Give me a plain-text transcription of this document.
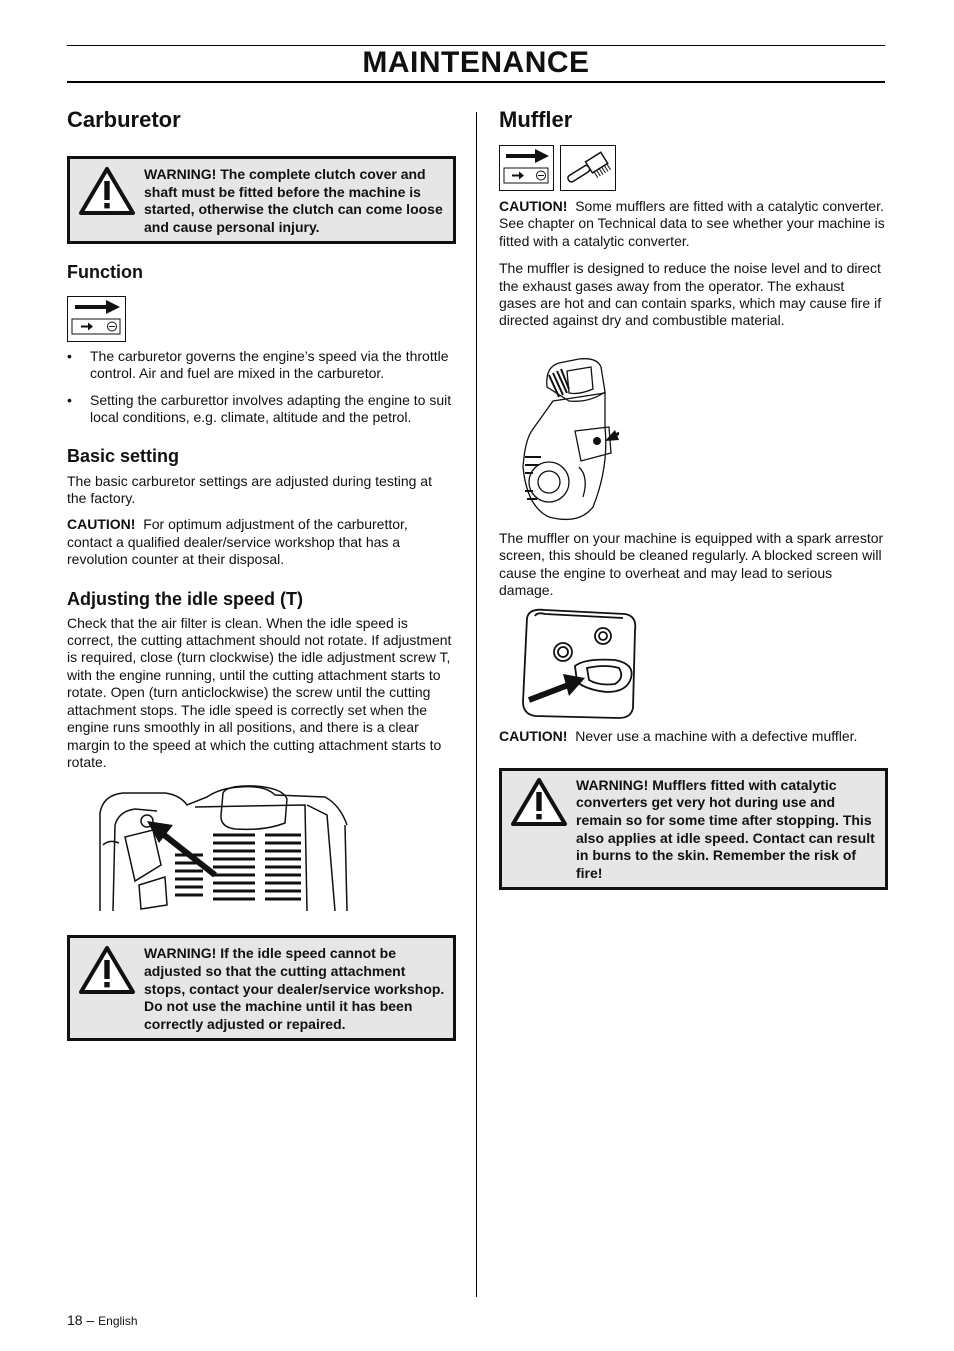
MAINTENANCE
Carburetor
WARNING! The complete clutch cover and shaft must be fitted before the machine is started, otherwise the clutch can come loose and cause personal injury.
Function
• The carburetor governs the engine’s speed via the throttle control. Air and fuel are mixed in the carburetor.
• Setting the carburettor involves adapting the engine to suit local conditions, e.g. climate, altitude and the petrol.
Basic setting

The basic carburetor settings are adjusted during testing at the factory.

CAUTION! For optimum adjustment of the carburettor, contact a qualified dealer/service workshop that has a revolution counter at their disposal.

Adjusting the idle speed (T)

Check that the air filter is clean. When the idle speed is correct, the cutting attachment should not rotate. If adjustment is required, close (turn clockwise) the idle adjustment screw T, with the engine running, until the cutting attachment starts to rotate. Open (turn anticlockwise) the screw until the cutting attachment stops. The idle speed is correctly set when the engine runs smoothly in all positions, and there is a clear margin to the speed at which the cutting attachment starts to rotate.

WARNING! If the idle speed cannot be adjusted so that the cutting attachment stops, contact your dealer/service workshop. Do not use the machine until it has been correctly adjusted or repaired.
Muffler

CAUTION! Some mufflers are fitted with a catalytic converter. See chapter on Technical data to see whether your machine is fitted with a catalytic converter.

The muffler is designed to reduce the noise level and to direct the exhaust gases away from the operator. The exhaust gases are hot and can contain sparks, which may cause fire if directed against dry and combustible material.

The muffler on your machine is equipped with a spark arrestor screen, this should be cleaned regularly. A blocked screen will cause the engine to overheat and may lead to serious damage.

CAUTION! Never use a machine with a defective muffler.

WARNING! Mufflers fitted with catalytic converters get very hot during use and remain so for some time after stopping. This also applies at idle speed. Contact can result in burns to the skin. Remember the risk of fire!
18 – English
